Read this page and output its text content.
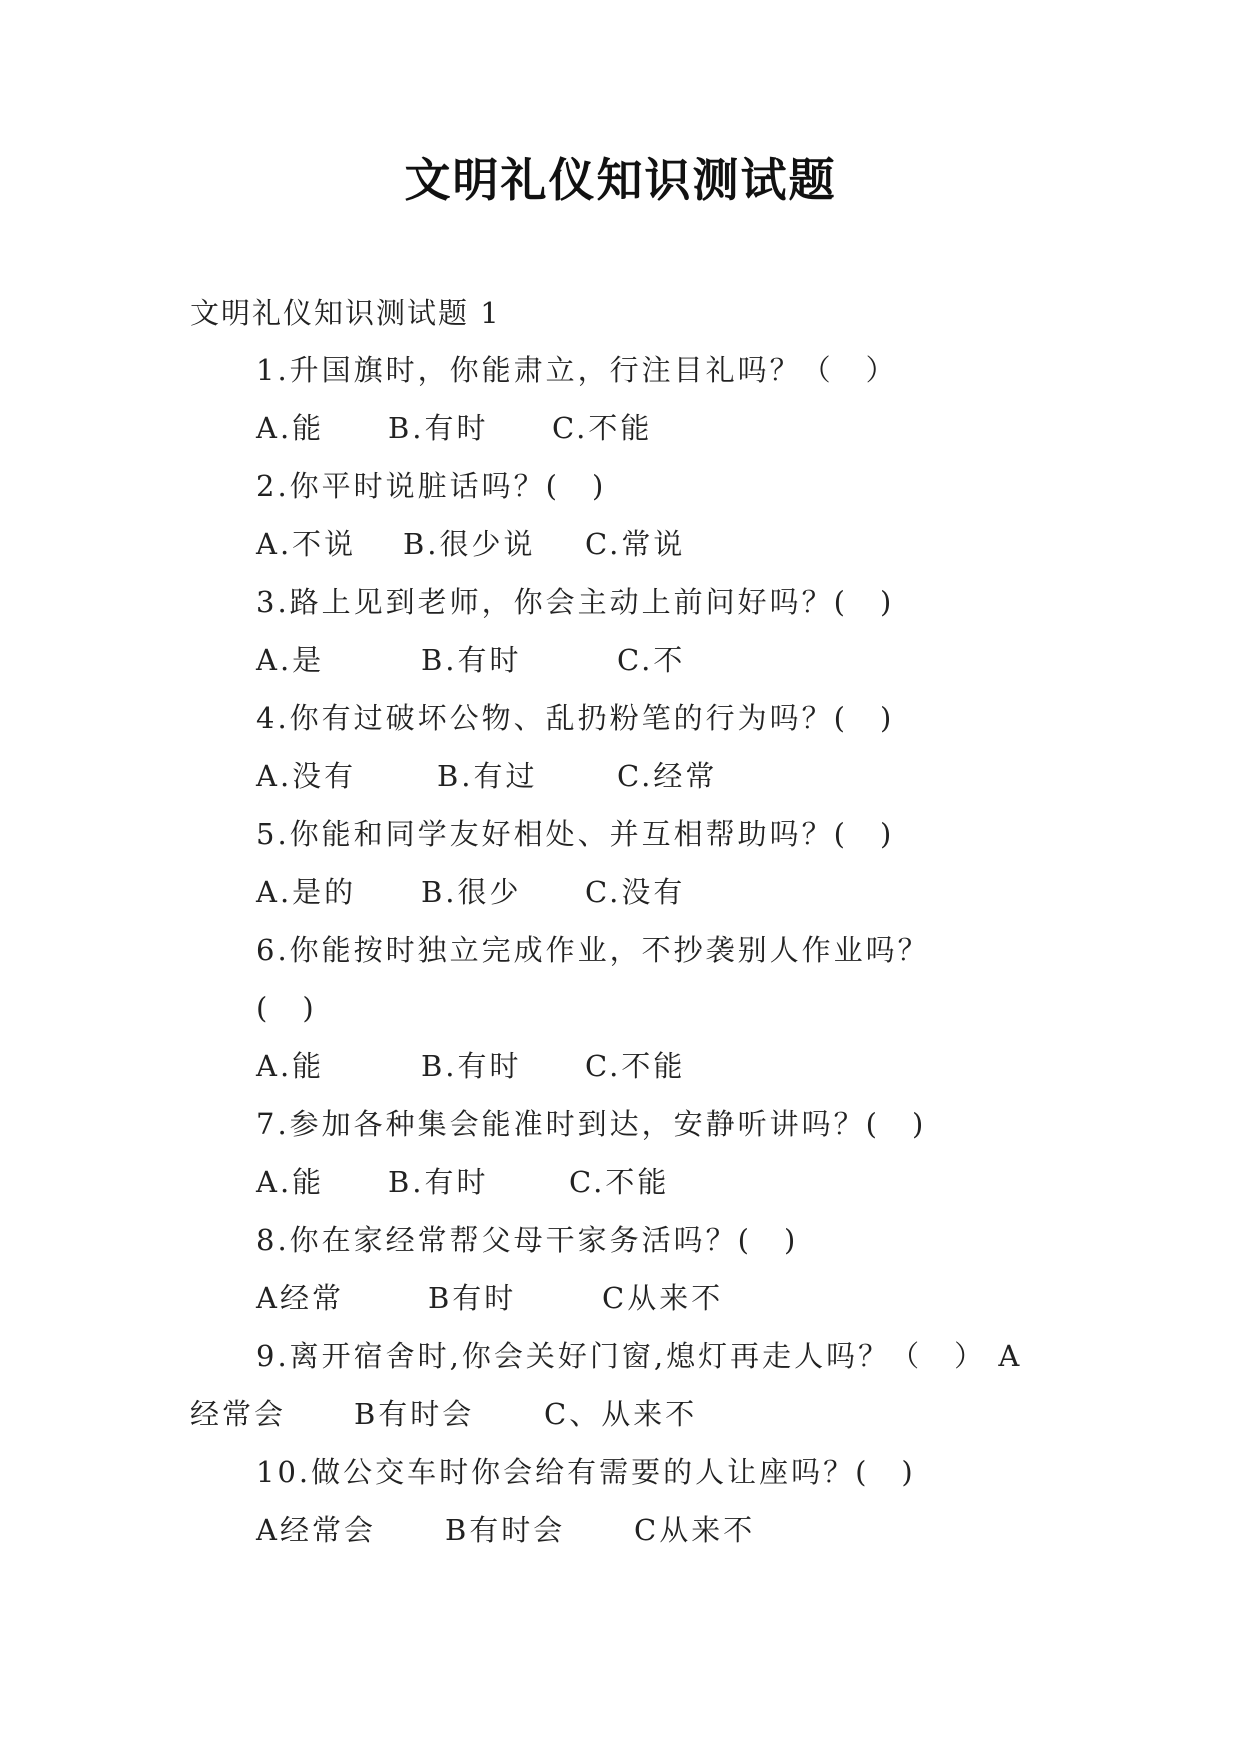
文明礼仪知识测试题
文明礼仪知识测试题 1
1.升国旗时，你能肃立，行注目礼吗？（　）
A.能 B.有时 C.不能
2.你平时说脏话吗？(　)
A.不说 B.很少说 C.常说
3.路上见到老师，你会主动上前问好吗？(　)
A.是	B.有时	C.不
4.你有过破坏公物、乱扔粉笔的行为吗？(　)
A.没有	B.有过	C.经常
5.你能和同学友好相处、并互相帮助吗？(　)
A.是的 B.很少 C.没有
6.你能按时独立完成作业，不抄袭别人作业吗？
(　)
A.能	B.有时 C.不能
7.参加各种集会能准时到达，安静听讲吗？(　)
A.能 B.有时	C.不能
8.你在家经常帮父母干家务活吗？(　)
A经常	B有时	C从来不
9.离开宿舍时,你会关好门窗,熄灯再走人吗？（　） A
经常会 B有时会 C、从来不
10.做公交车时你会给有需要的人让座吗？(　)
A经常会 B有时会 C从来不
